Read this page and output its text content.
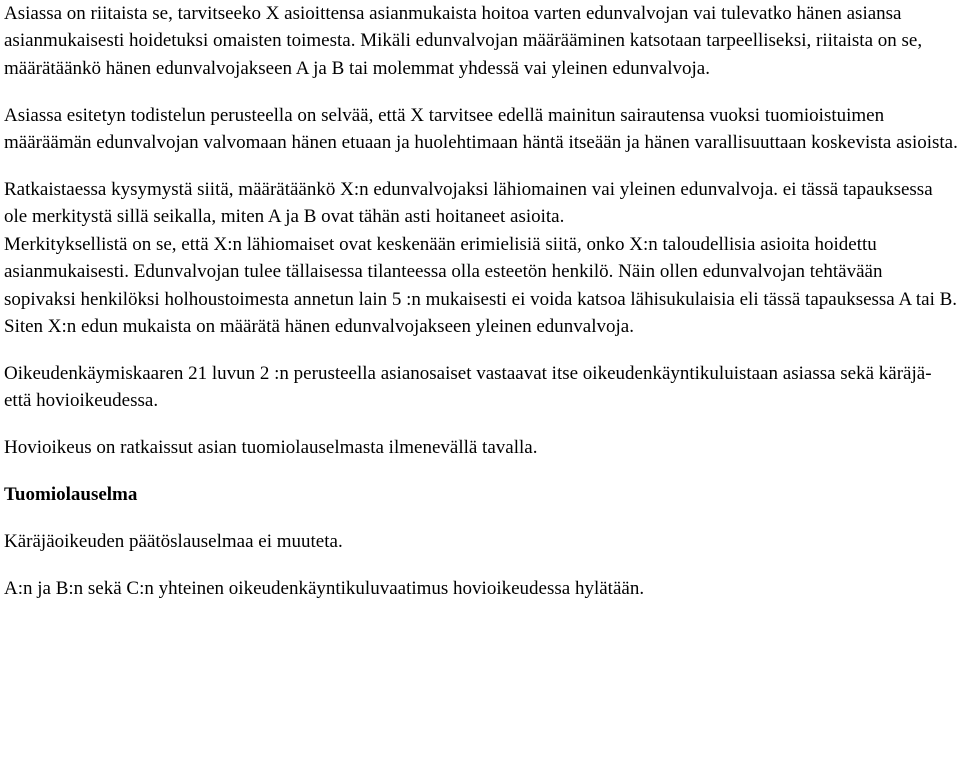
Asiassa on riitaista se, tarvitseeko X asioittensa asianmukaista hoitoa varten edunvalvojan vai tulevatko hänen asiansa asianmukaisesti hoidetuksi omaisten toimesta. Mikäli edunvalvojan määrääminen katsotaan tarpeelliseksi, riitaista on se, määrätäänkö hänen edunvalvojakseen A ja B tai molemmat yhdessä vai yleinen edunvalvoja.

Asiassa esitetyn todistelun perusteella on selvää, että X tarvitsee edellä mainitun sairautensa vuoksi tuomioistuimen määräämän edunvalvojan valvomaan hänen etuaan ja huolehtimaan häntä itseään ja hänen varallisuuttaan koskevista asioista.

Ratkaistaessa kysymystä siitä, määrätäänkö X:n edunvalvojaksi lähiomainen vai yleinen edunvalvoja. ei tässä tapauksessa ole merkitystä sillä seikalla, miten A ja B ovat tähän asti hoitaneet asioita.

Merkityksellistä on se, että X:n lähiomaiset ovat keskenään erimielisiä siitä, onko X:n taloudellisia asioita hoidettu asianmukaisesti. Edunvalvojan tulee tällaisessa tilanteessa olla esteetön henkilö. Näin ollen edunvalvojan tehtävään sopivaksi henkilöksi holhoustoimesta annetun lain 5 :n mukaisesti ei voida katsoa lähisukulaisia eli tässä tapauksessa A tai B. Siten X:n edun mukaista on määrätä hänen edunvalvojakseen yleinen edunvalvoja.

Oikeudenkäymiskaaren 21 luvun 2 :n perusteella asianosaiset vastaavat itse oikeudenkäyntikuluistaan asiassa sekä käräjä- että hovioikeudessa.

Hovioikeus on ratkaissut asian tuomiolauselmasta ilmenevällä tavalla.

Tuomiolauselma

Käräjäoikeuden päätöslauselmaa ei muuteta.

A:n ja B:n sekä C:n yhteinen oikeudenkäyntikuluvaatimus hovioikeudessa hylätään.
